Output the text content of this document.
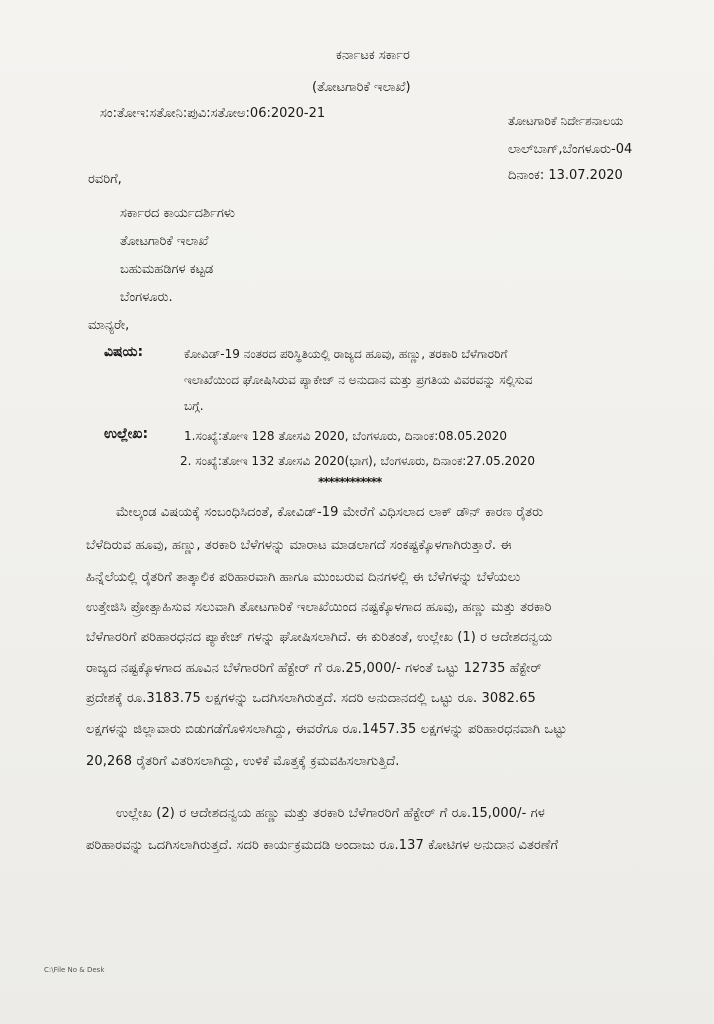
ಕರ್ನಾಟಕ ಸರ್ಕಾರ
(ತೋಟಗಾರಿಕೆ ಇಲಾಖೆ)
ಸಂ:ತೋಇ:ಸತೋನಿ:ಪುವಿ:ಸತೋಅ:06:2020-21	ತೋಟಗಾರಿಕೆ ನಿರ್ದೇಶನಾಲಯ
ಲಾಲ್‌ಬಾಗ್,ಬೆಂಗಳೂರು-04
ದಿನಾಂಕ: 13.07.2020
ರವರಿಗೆ,
ಸರ್ಕಾರದ ಕಾರ್ಯದರ್ಶಿಗಳು
ತೋಟಗಾರಿಕೆ ಇಲಾಖೆ
ಬಹುಮಹಡಿಗಳ ಕಟ್ಟಡ
ಬೆಂಗಳೂರು.
ಮಾನ್ಯರೇ,
ವಿಷಯ:	ಕೋವಿಡ್-19 ನಂತರದ ಪರಿಸ್ಥಿತಿಯಲ್ಲಿ ರಾಜ್ಯದ ಹೂವು, ಹಣ್ಣು, ತರಕಾರಿ ಬೆಳೆಗಾರರಿಗೆ
ಇಲಾಖೆಯಿಂದ ಘೋಷಿಸಿರುವ ಪ್ಯಾಕೇಜ್ ನ ಅನುದಾನ ಮತ್ತು ಪ್ರಗತಿಯ ವಿವರವನ್ನು ಸಲ್ಲಿಸುವ
ಬಗ್ಗೆ.
ಉಲ್ಲೇಖ:	1.ಸಂಖ್ಯೆ:ತೋಇ 128 ತೋಸವಿ 2020, ಬೆಂಗಳೂರು, ದಿನಾಂಕ:08.05.2020
2. ಸಂಖ್ಯೆ:ತೋಇ 132 ತೋಸವಿ 2020(ಭಾಗ), ಬೆಂಗಳೂರು, ದಿನಾಂಕ:27.05.2020
************
ಮೇಲ್ಕಂಡ ವಿಷಯಕ್ಕೆ ಸಂಬಂಧಿಸಿದಂತೆ, ಕೋವಿಡ್-19 ಮೇರೆಗೆ ವಿಧಿಸಲಾದ ಲಾಕ್ ಡೌನ್ ಕಾರಣ ರೈತರು
ಬೆಳೆದಿರುವ ಹೂವು, ಹಣ್ಣು, ತರಕಾರಿ ಬೆಳೆಗಳನ್ನು ಮಾರಾಟ ಮಾಡಲಾಗದೆ ಸಂಕಷ್ಟಕ್ಕೊಳಗಾಗಿರುತ್ತಾರೆ. ಈ
ಹಿನ್ನೆಲೆಯಲ್ಲಿ ರೈತರಿಗೆ ತಾತ್ಕಾಲಿಕ ಪರಿಹಾರವಾಗಿ ಹಾಗೂ ಮುಂಬರುವ ದಿನಗಳಲ್ಲಿ ಈ ಬೆಳೆಗಳನ್ನು ಬೆಳೆಯಲು
ಉತ್ತೇಜಿಸಿ ಪ್ರೋತ್ಸಾಹಿಸುವ ಸಲುವಾಗಿ ತೋಟಗಾರಿಕೆ ಇಲಾಖೆಯಿಂದ ನಷ್ಟಕ್ಕೊಳಗಾದ ಹೂವು, ಹಣ್ಣು ಮತ್ತು ತರಕಾರಿ
ಬೆಳೆಗಾರರಿಗೆ ಪರಿಹಾರಧನದ ಪ್ಯಾಕೇಜ್ ಗಳನ್ನು ಘೋಷಿಸಲಾಗಿದೆ. ಈ ಕುರಿತಂತೆ, ಉಲ್ಲೇಖ (1) ರ ಆದೇಶದನ್ವಯ
ರಾಜ್ಯದ ನಷ್ಟಕ್ಕೊಳಗಾದ ಹೂವಿನ ಬೆಳೆಗಾರರಿಗೆ ಹೆಕ್ಟೇರ್ ಗೆ ರೂ.25,000/- ಗಳಂತೆ ಒಟ್ಟು 12735 ಹೆಕ್ಟೇರ್
ಪ್ರದೇಶಕ್ಕೆ ರೂ.3183.75 ಲಕ್ಷಗಳನ್ನು ಒದಗಿಸಲಾಗಿರುತ್ತದೆ. ಸದರಿ ಅನುದಾನದಲ್ಲಿ ಒಟ್ಟು ರೂ. 3082.65
ಲಕ್ಷಗಳನ್ನು ಜಿಲ್ಲಾವಾರು ಬಿಡುಗಡೆಗೊಳಿಸಲಾಗಿದ್ದು, ಈವರೆಗೂ ರೂ.1457.35 ಲಕ್ಷಗಳನ್ನು ಪರಿಹಾರಧನವಾಗಿ ಒಟ್ಟು
20,268 ರೈತರಿಗೆ ವಿತರಿಸಲಾಗಿದ್ದು, ಉಳಿಕೆ ಮೊತ್ತಕ್ಕೆ ಕ್ರಮವಹಿಸಲಾಗುತ್ತಿದೆ.
ಉಲ್ಲೇಖ (2) ರ ಆದೇಶದನ್ವಯ ಹಣ್ಣು ಮತ್ತು ತರಕಾರಿ ಬೆಳೆಗಾರರಿಗೆ ಹೆಕ್ಟೇರ್ ಗೆ ರೂ.15,000/- ಗಳ
ಪರಿಹಾರವನ್ನು ಒದಗಿಸಲಾಗಿರುತ್ತದೆ. ಸದರಿ ಕಾರ್ಯಕ್ರಮದಡಿ ಅಂದಾಜು ರೂ.137 ಕೋಟಿಗಳ ಅನುದಾನ ವಿತರಣೆಗೆ
C:\File No & Desk
